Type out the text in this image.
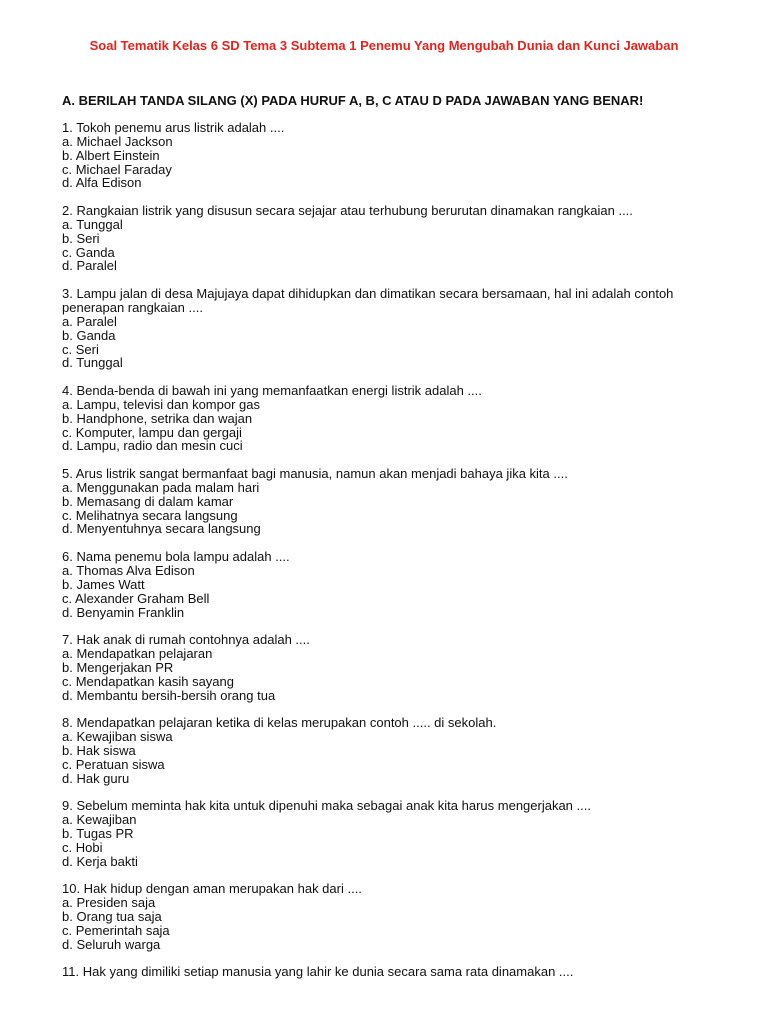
Soal Tematik Kelas 6 SD Tema 3 Subtema 1 Penemu Yang Mengubah Dunia dan Kunci Jawaban
A. BERILAH TANDA SILANG (X) PADA HURUF A, B, C ATAU D PADA JAWABAN YANG BENAR!
1. Tokoh penemu arus listrik adalah ....
a. Michael Jackson
b. Albert Einstein
c. Michael Faraday
d. Alfa Edison
2. Rangkaian listrik yang disusun secara sejajar atau terhubung berurutan dinamakan rangkaian ....
a. Tunggal
b. Seri
c. Ganda
d. Paralel
3. Lampu jalan di desa Majujaya dapat dihidupkan dan dimatikan secara bersamaan, hal ini adalah contoh penerapan rangkaian ....
a. Paralel
b. Ganda
c. Seri
d. Tunggal
4. Benda-benda di bawah ini yang memanfaatkan energi listrik adalah ....
a. Lampu, televisi dan kompor gas
b. Handphone, setrika dan wajan
c. Komputer, lampu dan gergaji
d. Lampu, radio dan mesin cuci
5. Arus listrik sangat bermanfaat bagi manusia, namun akan menjadi bahaya jika kita ....
a. Menggunakan pada malam hari
b. Memasang di dalam kamar
c. Melihatnya secara langsung
d. Menyentuhnya secara langsung
6. Nama penemu bola lampu adalah ....
a. Thomas Alva Edison
b. James Watt
c. Alexander Graham Bell
d. Benyamin Franklin
7. Hak anak di rumah contohnya adalah ....
a. Mendapatkan pelajaran
b. Mengerjakan PR
c. Mendapatkan kasih sayang
d. Membantu bersih-bersih orang tua
8. Mendapatkan pelajaran ketika di kelas merupakan contoh ..... di sekolah.
a. Kewajiban siswa
b. Hak siswa
c. Peratuan siswa
d. Hak guru
9. Sebelum meminta hak kita untuk dipenuhi maka sebagai anak kita harus mengerjakan ....
a. Kewajiban
b. Tugas PR
c. Hobi
d. Kerja bakti
10. Hak hidup dengan aman merupakan hak dari ....
a. Presiden saja
b. Orang tua saja
c. Pemerintah saja
d. Seluruh warga
11. Hak yang dimiliki setiap manusia yang lahir ke dunia secara sama rata dinamakan ....
